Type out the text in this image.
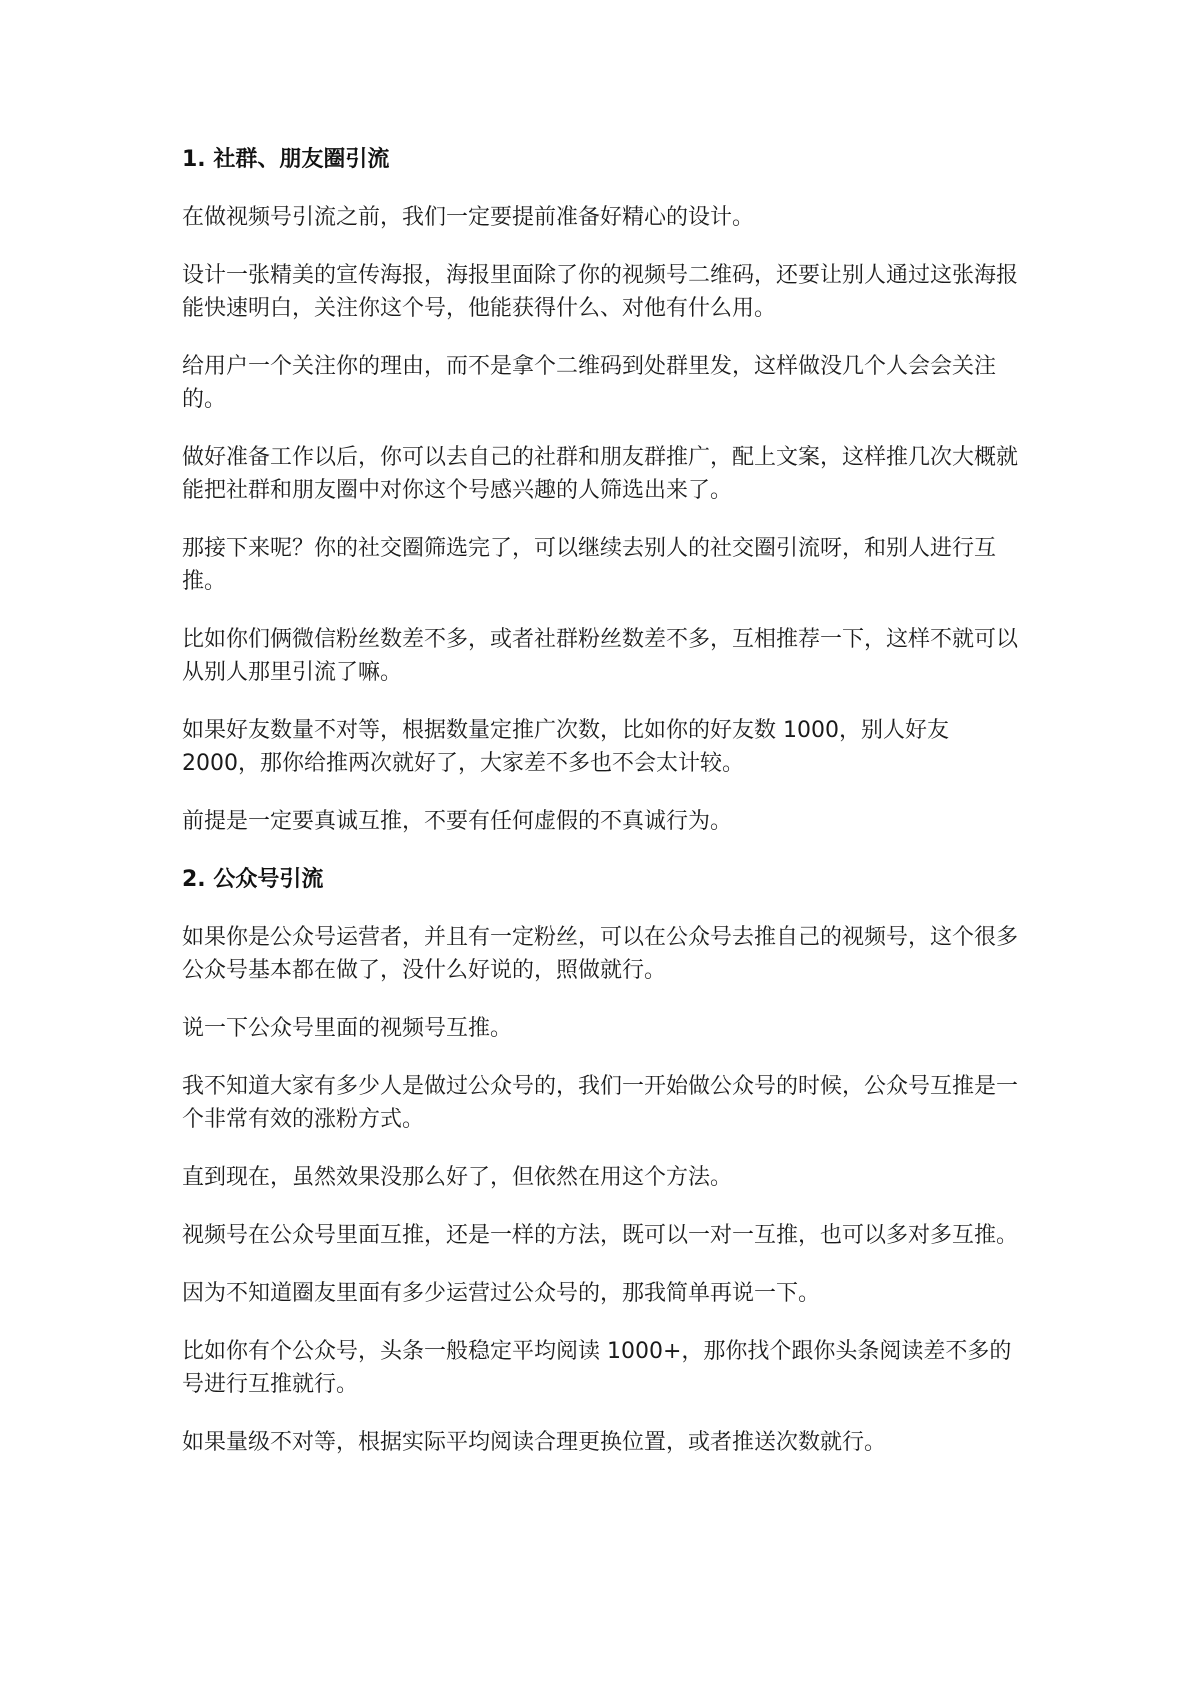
1. 社群、朋友圈引流
在做视频号引流之前，我们一定要提前准备好精心的设计。
设计一张精美的宣传海报，海报里面除了你的视频号二维码，还要让别人通过这张海报能快速明白，关注你这个号，他能获得什么、对他有什么用。
给用户一个关注你的理由，而不是拿个二维码到处群里发，这样做没几个人会会关注的。
做好准备工作以后，你可以去自己的社群和朋友群推广，配上文案，这样推几次大概就能把社群和朋友圈中对你这个号感兴趣的人筛选出来了。
那接下来呢？你的社交圈筛选完了，可以继续去别人的社交圈引流呀，和别人进行互推。
比如你们俩微信粉丝数差不多，或者社群粉丝数差不多，互相推荐一下，这样不就可以从别人那里引流了嘛。
如果好友数量不对等，根据数量定推广次数，比如你的好友数 1000，别人好友 2000，那你给推两次就好了，大家差不多也不会太计较。
前提是一定要真诚互推，不要有任何虚假的不真诚行为。
2. 公众号引流
如果你是公众号运营者，并且有一定粉丝，可以在公众号去推自己的视频号，这个很多公众号基本都在做了，没什么好说的，照做就行。
说一下公众号里面的视频号互推。
我不知道大家有多少人是做过公众号的，我们一开始做公众号的时候，公众号互推是一个非常有效的涨粉方式。
直到现在，虽然效果没那么好了，但依然在用这个方法。
视频号在公众号里面互推，还是一样的方法，既可以一对一互推，也可以多对多互推。
因为不知道圈友里面有多少运营过公众号的，那我简单再说一下。
比如你有个公众号，头条一般稳定平均阅读 1000+，那你找个跟你头条阅读差不多的号进行互推就行。
如果量级不对等，根据实际平均阅读合理更换位置，或者推送次数就行。
